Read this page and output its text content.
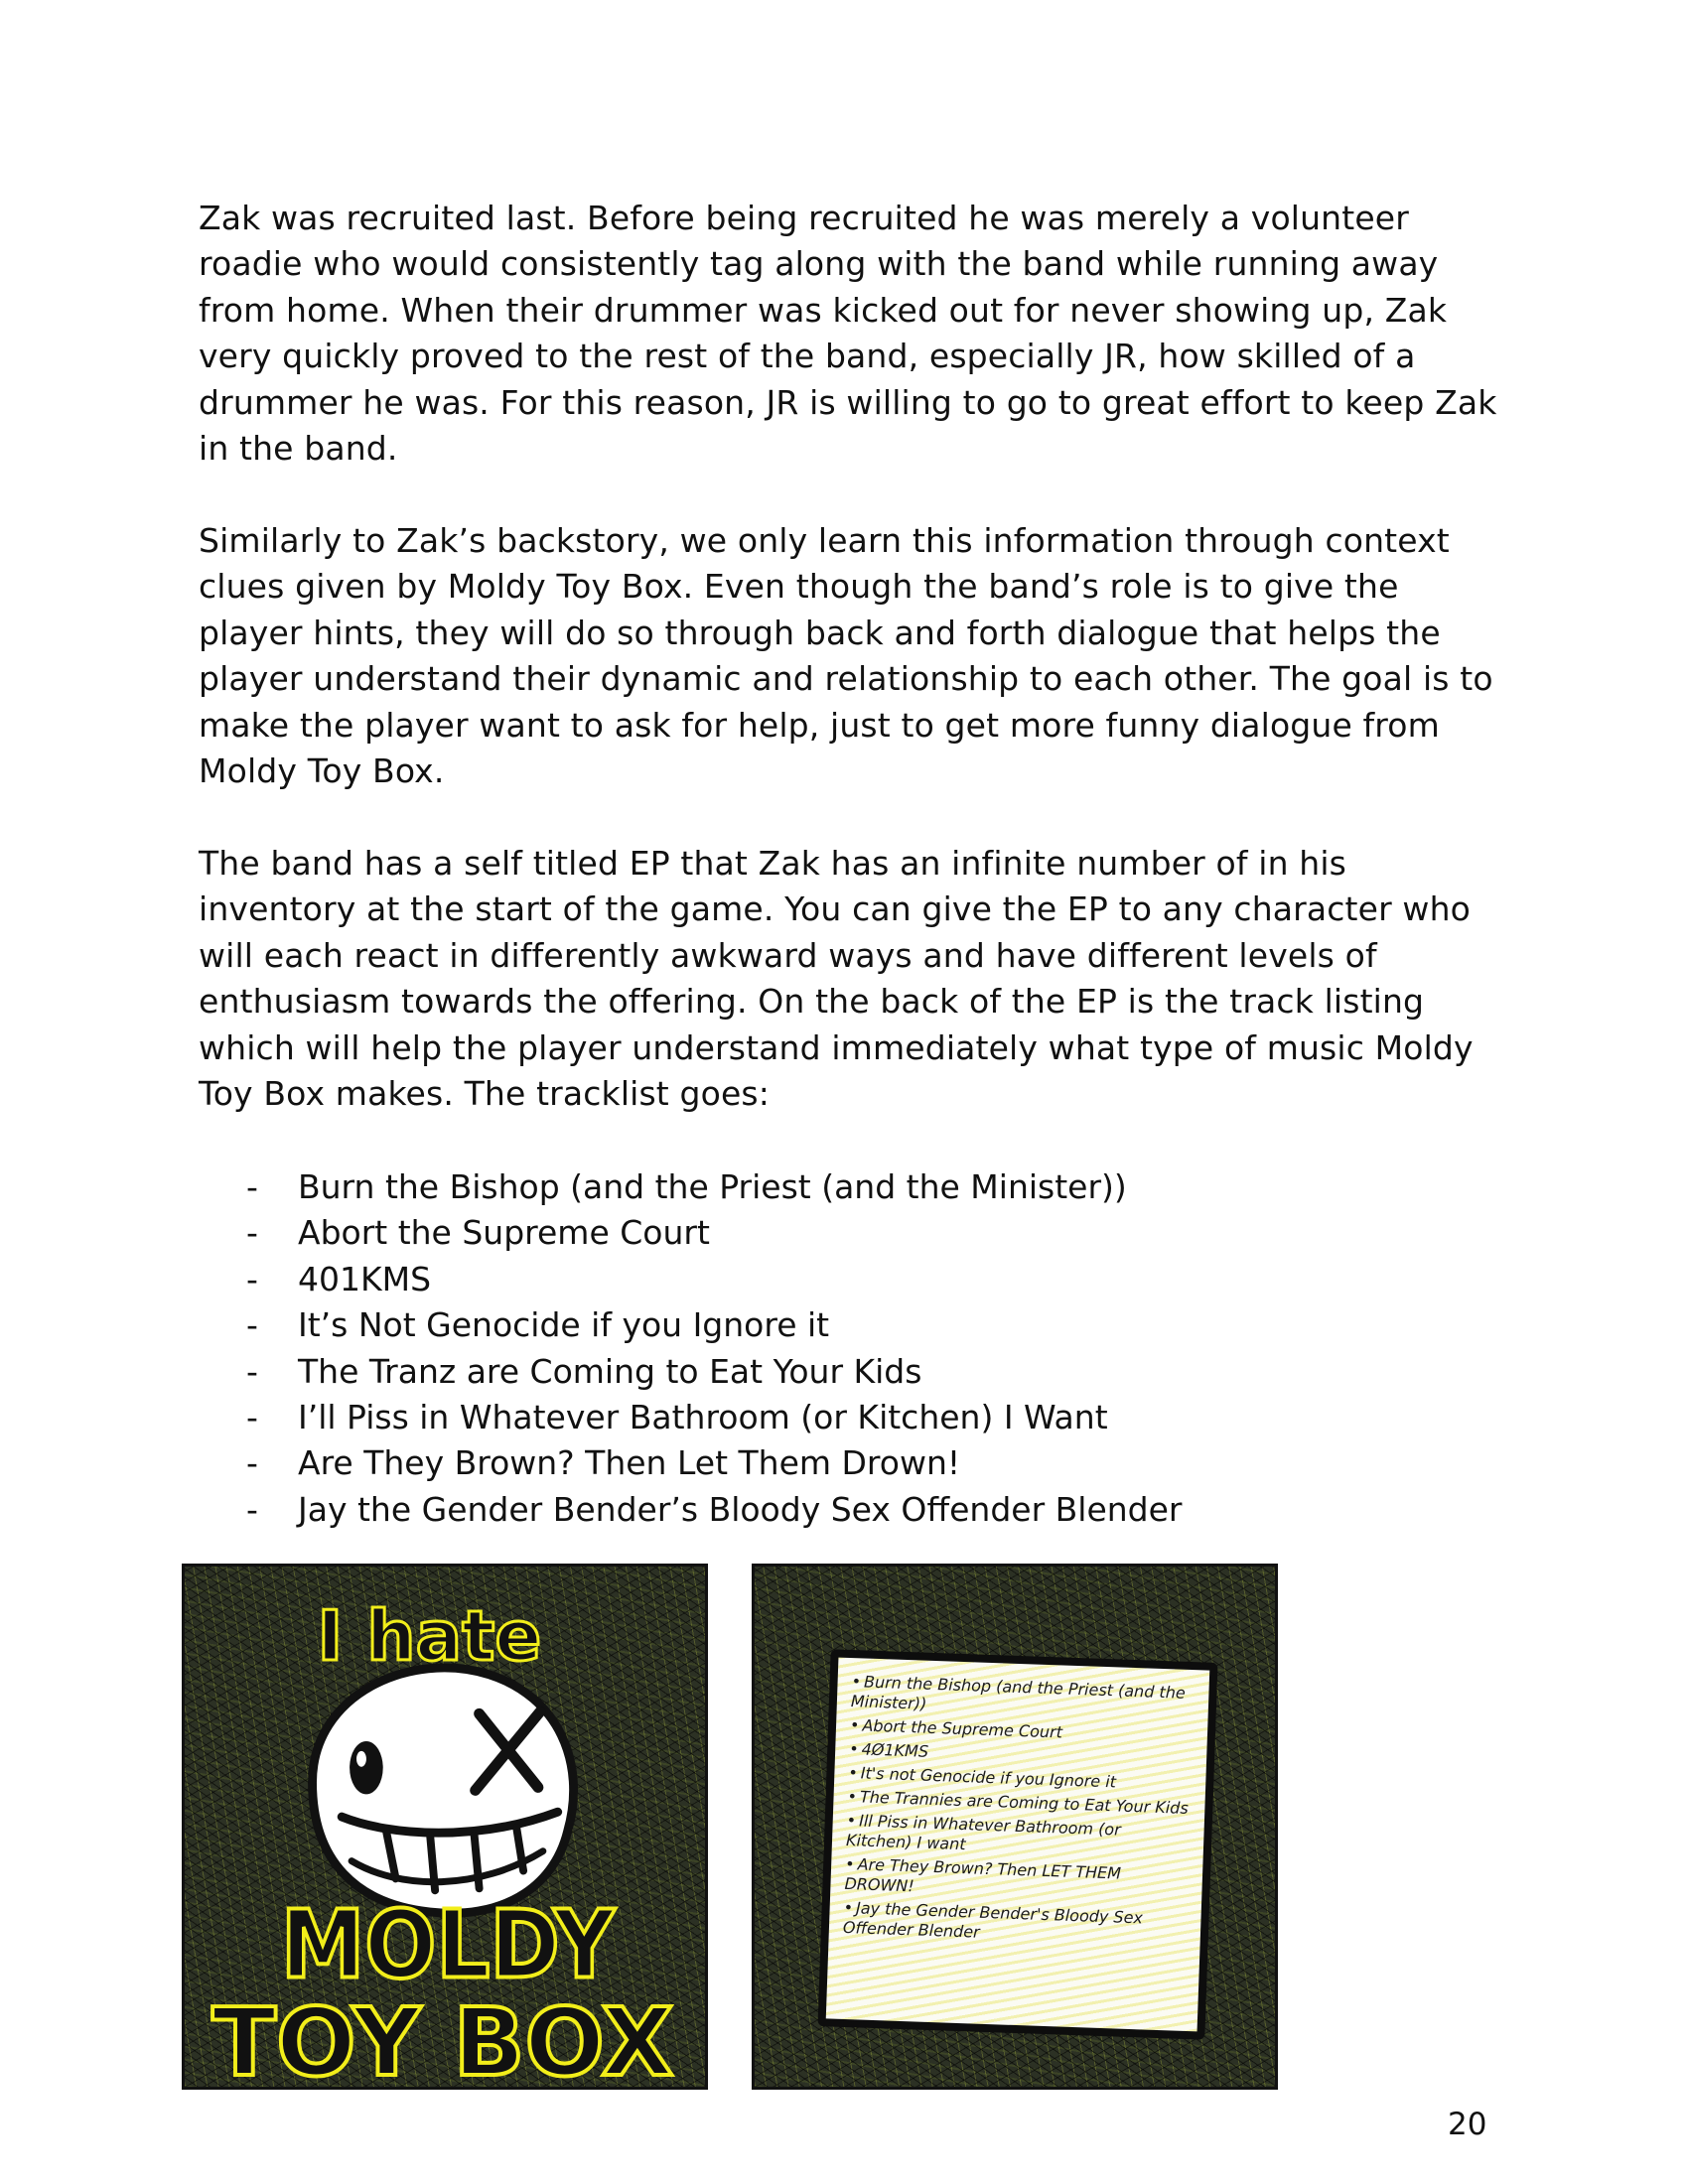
Zak was recruited last. Before being recruited he was merely a volunteer roadie who would consistently tag along with the band while running away from home. When their drummer was kicked out for never showing up, Zak very quickly proved to the rest of the band, especially JR, how skilled of a drummer he was. For this reason, JR is willing to go to great effort to keep Zak in the band.

Similarly to Zak’s backstory, we only learn this information through context clues given by Moldy Toy Box. Even though the band’s role is to give the player hints, they will do so through back and forth dialogue that helps the player understand their dynamic and relationship to each other. The goal is to make the player want to ask for help, just to get more funny dialogue from Moldy Toy Box.

The band has a self titled EP that Zak has an infinite number of in his inventory at the start of the game. You can give the EP to any character who will each react in differently awkward ways and have different levels of enthusiasm towards the offering. On the back of the EP is the track listing which will help the player understand immediately what type of music Moldy Toy Box makes. The tracklist goes:

- Burn the Bishop (and the Priest (and the Minister))
- Abort the Supreme Court
- 401KMS
- It’s Not Genocide if you Ignore it
- The Tranz are Coming to Eat Your Kids
- I’ll Piss in Whatever Bathroom (or Kitchen) I Want
- Are They Brown? Then Let Them Drown!
- Jay the Gender Bender’s Bloody Sex Offender Blender
I hate
MOLDY
TOY BOX
• Burn the Bishop (and the Priest (and the Minister))
• Abort the Supreme Court
• 4Ø1KMS
• It's not Genocide if you Ignore it
• The Trannies are Coming to Eat Your Kids
• Ill Piss in Whatever Bathroom (or Kitchen) I want
• Are They Brown? Then LET THEM DROWN!
• Jay the Gender Bender's Bloody Sex Offender Blender
20
